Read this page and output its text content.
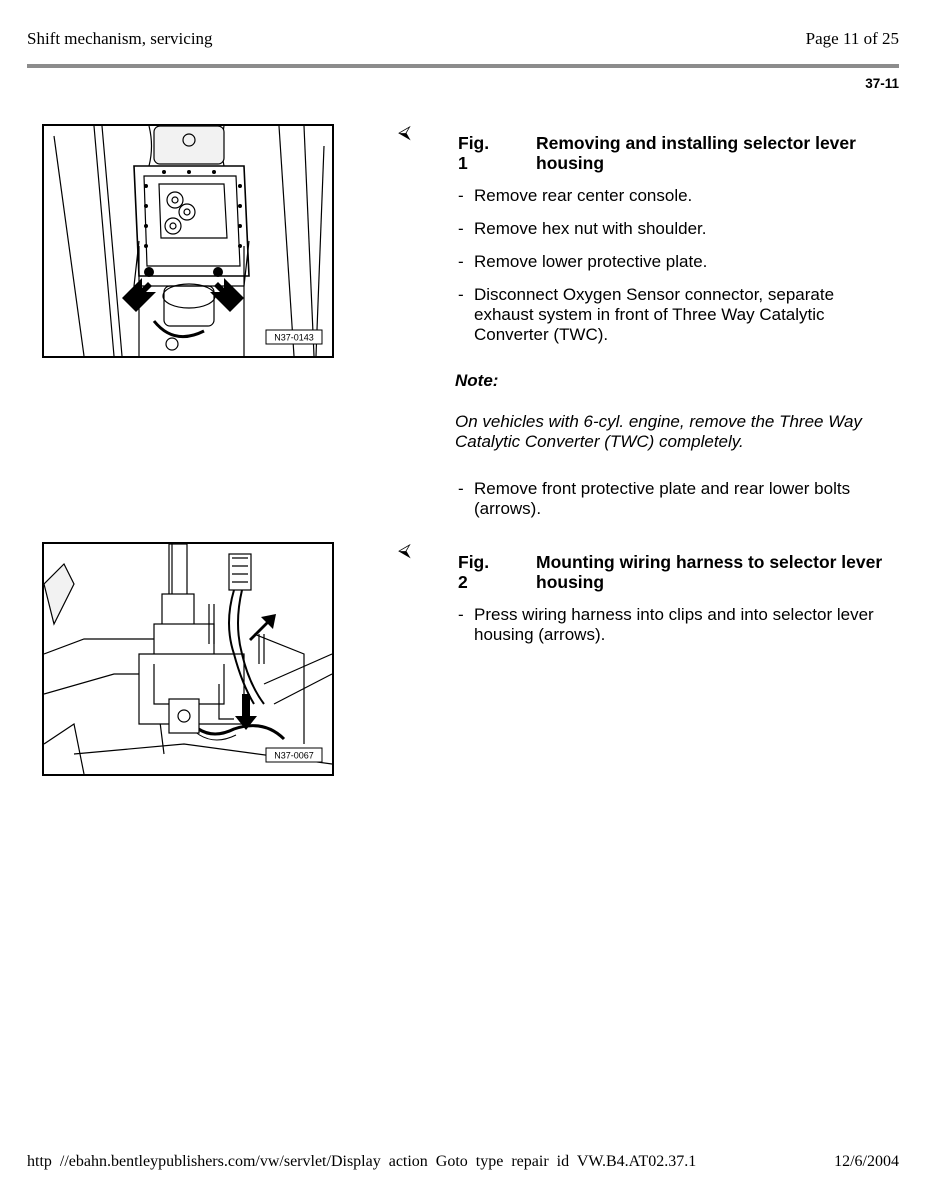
Shift mechanism, servicing	Page 11 of 25
37-11
N37-0143
⮘	Fig. 1
Removing and installing selector lever housing
- Remove rear center console.
- Remove hex nut with shoulder.
- Remove lower protective plate.
- Disconnect Oxygen Sensor connector, separate exhaust system in front of Three Way Catalytic Converter (TWC).
Note:
On vehicles with 6-cyl. engine, remove the Three Way Catalytic Converter (TWC) completely.
- Remove front protective plate and rear lower bolts (arrows).
N37-0067
⮘
Fig. 2
Mounting wiring harness to selector lever housing
- Press wiring harness into clips and into selector lever housing (arrows).
http //ebahn.bentleypublishers.com/vw/servlet/Display action Goto type repair id VW.B4.AT02.37.1	12/6/2004
